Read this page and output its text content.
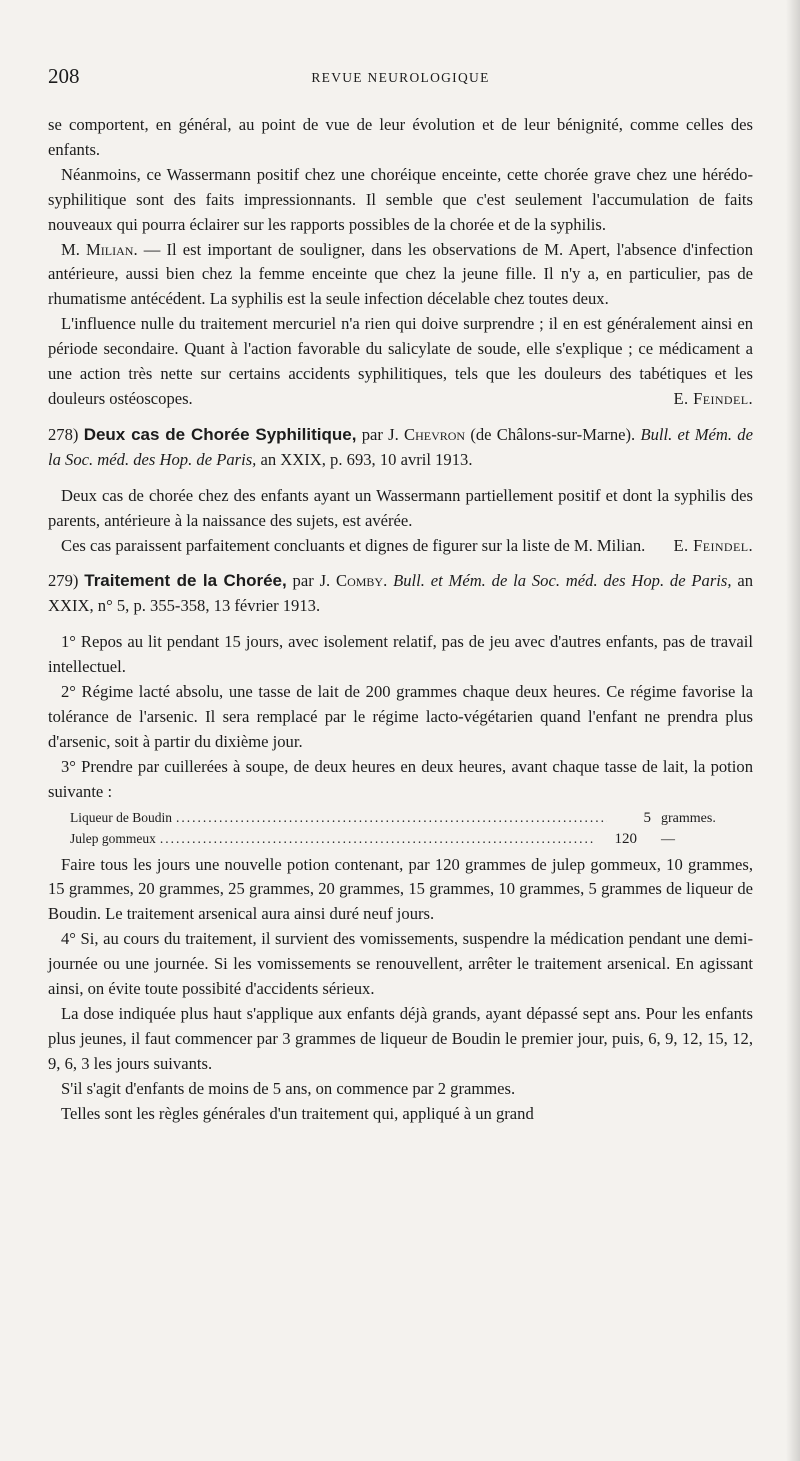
208	REVUE NEUROLOGIQUE

se comportent, en général, au point de vue de leur évolution et de leur bénignité, comme celles des enfants.

Néanmoins, ce Wassermann positif chez une choréique enceinte, cette chorée grave chez une hérédo-syphilitique sont des faits impressionnants. Il semble que c'est seulement l'accumulation de faits nouveaux qui pourra éclairer sur les rapports possibles de la chorée et de la syphilis.

M. Milian. — Il est important de souligner, dans les observations de M. Apert, l'absence d'infection antérieure, aussi bien chez la femme enceinte que chez la jeune fille. Il n'y a, en particulier, pas de rhumatisme antécédent. La syphilis est la seule infection décelable chez toutes deux.

L'influence nulle du traitement mercuriel n'a rien qui doive surprendre ; il en est généralement ainsi en période secondaire. Quant à l'action favorable du salicylate de soude, elle s'explique ; ce médicament a une action très nette sur certains accidents syphilitiques, tels que les douleurs des tabétiques et les douleurs ostéoscopes.	E. Feindel.

278) Deux cas de Chorée Syphilitique, par J. Chevron (de Châlons-sur-Marne). Bull. et Mém. de la Soc. méd. des Hop. de Paris, an XXIX, p. 693, 10 avril 1913.

Deux cas de chorée chez des enfants ayant un Wassermann partiellement positif et dont la syphilis des parents, antérieure à la naissance des sujets, est avérée.

Ces cas paraissent parfaitement concluants et dignes de figurer sur la liste de M. Milian.	E. Feindel.

279) Traitement de la Chorée, par J. Comby. Bull. et Mém. de la Soc. méd. des Hop. de Paris, an XXIX, n° 5, p. 355-358, 13 février 1913.

1° Repos au lit pendant 15 jours, avec isolement relatif, pas de jeu avec d'autres enfants, pas de travail intellectuel.

2° Régime lacté absolu, une tasse de lait de 200 grammes chaque deux heures. Ce régime favorise la tolérance de l'arsenic. Il sera remplacé par le régime lacto-végétarien quand l'enfant ne prendra plus d'arsenic, soit à partir du dixième jour.

3° Prendre par cuillerées à soupe, de deux heures en deux heures, avant chaque tasse de lait, la potion suivante :

Liqueur de Boudin .....	5 grammes.
Julep gommeux .....	120	—

Faire tous les jours une nouvelle potion contenant, par 120 grammes de julep gommeux, 10 grammes, 15 grammes, 20 grammes, 25 grammes, 20 grammes, 15 grammes, 10 grammes, 5 grammes de liqueur de Boudin. Le traitement arsenical aura ainsi duré neuf jours.

4° Si, au cours du traitement, il survient des vomissements, suspendre la médication pendant une demi-journée ou une journée. Si les vomissements se renouvellent, arrêter le traitement arsenical. En agissant ainsi, on évite toute possibité d'accidents sérieux.

La dose indiquée plus haut s'applique aux enfants déjà grands, ayant dépassé sept ans. Pour les enfants plus jeunes, il faut commencer par 3 grammes de liqueur de Boudin le premier jour, puis, 6, 9, 12, 15, 12, 9, 6, 3 les jours suivants.

S'il s'agit d'enfants de moins de 5 ans, on commence par 2 grammes.

Telles sont les règles générales d'un traitement qui, appliqué à un grand
